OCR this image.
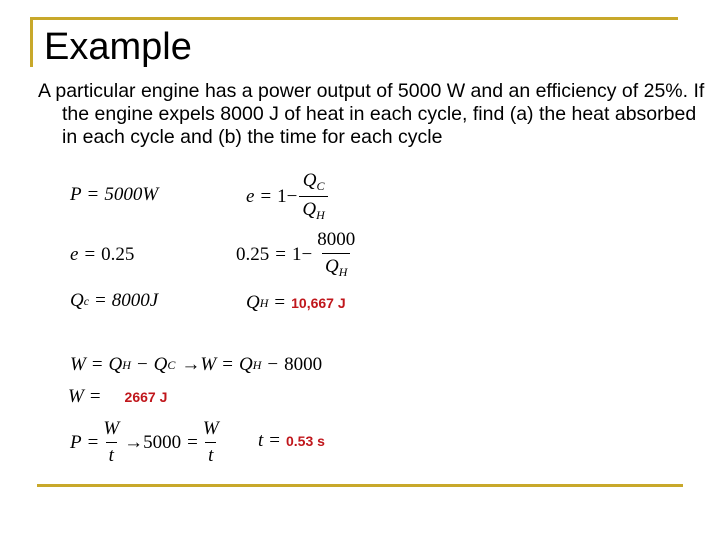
Example
A particular engine has a power output of 5000 W and an efficiency of 25%. If the engine expels 8000 J of heat in each cycle, find (a) the heat absorbed in each cycle and (b) the time for each cycle
P = 5000W	$e = 1 - \frac{Q_C}{Q_H}$
e = 0.25	$0.25 = 1 - \frac{8000}{Q_H}$
Q c = 8000J	Q H = 10,667 J
W = Q H − Q C → W = Q H − 8000
W = 2667 J
$P = \frac{W}{t} \to 5000 = \frac{W}{t}$ t = 0.53 s
